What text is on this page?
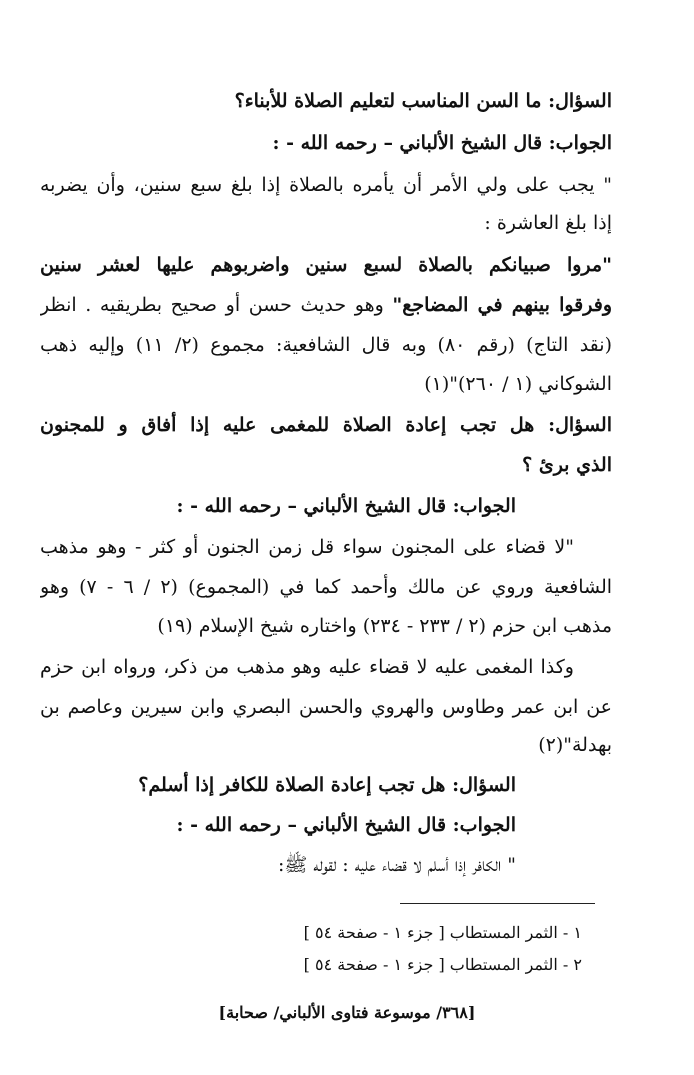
السؤال: ما السن المناسب لتعليم الصلاة للأبناء؟
الجواب: قال الشيخ الألباني – رحمه الله - :
" يجب على ولي الأمر أن يأمره بالصلاة إذا بلغ سبع سنين، وأن يضربه
إذا بلغ العاشرة :
"مروا صبيانكم بالصلاة لسبع سنين واضربوهم عليها لعشر سنين
وفرقوا بينهم في المضاجع" وهو حديث حسن أو صحيح بطريقيه . انظر
(نقد التاج) (رقم ٨٠) وبه قال الشافعية: مجموع (٢/ ١١) وإليه ذهب
الشوكاني (١ / ٢٦٠)"(١)
السؤال: هل تجب إعادة الصلاة للمغمى عليه إذا أفاق و للمجنون
الذي برئ ؟
الجواب: قال الشيخ الألباني – رحمه الله - :
"لا قضاء على المجنون سواء قل زمن الجنون أو كثر - وهو مذهب
الشافعية وروي عن مالك وأحمد كما في (المجموع) (٢ / ٦ - ٧) وهو
مذهب ابن حزم (٢ / ٢٣٣ - ٢٣٤) واختاره شيخ الإسلام (١٩)
وكذا المغمى عليه لا قضاء عليه وهو مذهب من ذكر، ورواه ابن حزم
عن ابن عمر وطاوس والهروي والحسن البصري وابن سيرين وعاصم بن
بهدلة"(٢)
السؤال: هل تجب إعادة الصلاة للكافر إذا أسلم؟
الجواب: قال الشيخ الألباني – رحمه الله - :
" الكافر إذا أسلم لا قضاء عليه : لقوله ﷺ:
١ - الثمر المستطاب [ جزء ١ - صفحة ٥٤ ]
٢ - الثمر المستطاب [ جزء ١ - صفحة ٥٤ ]
[٣٦٨/ موسوعة فتاوى الألباني/ صحابة]
